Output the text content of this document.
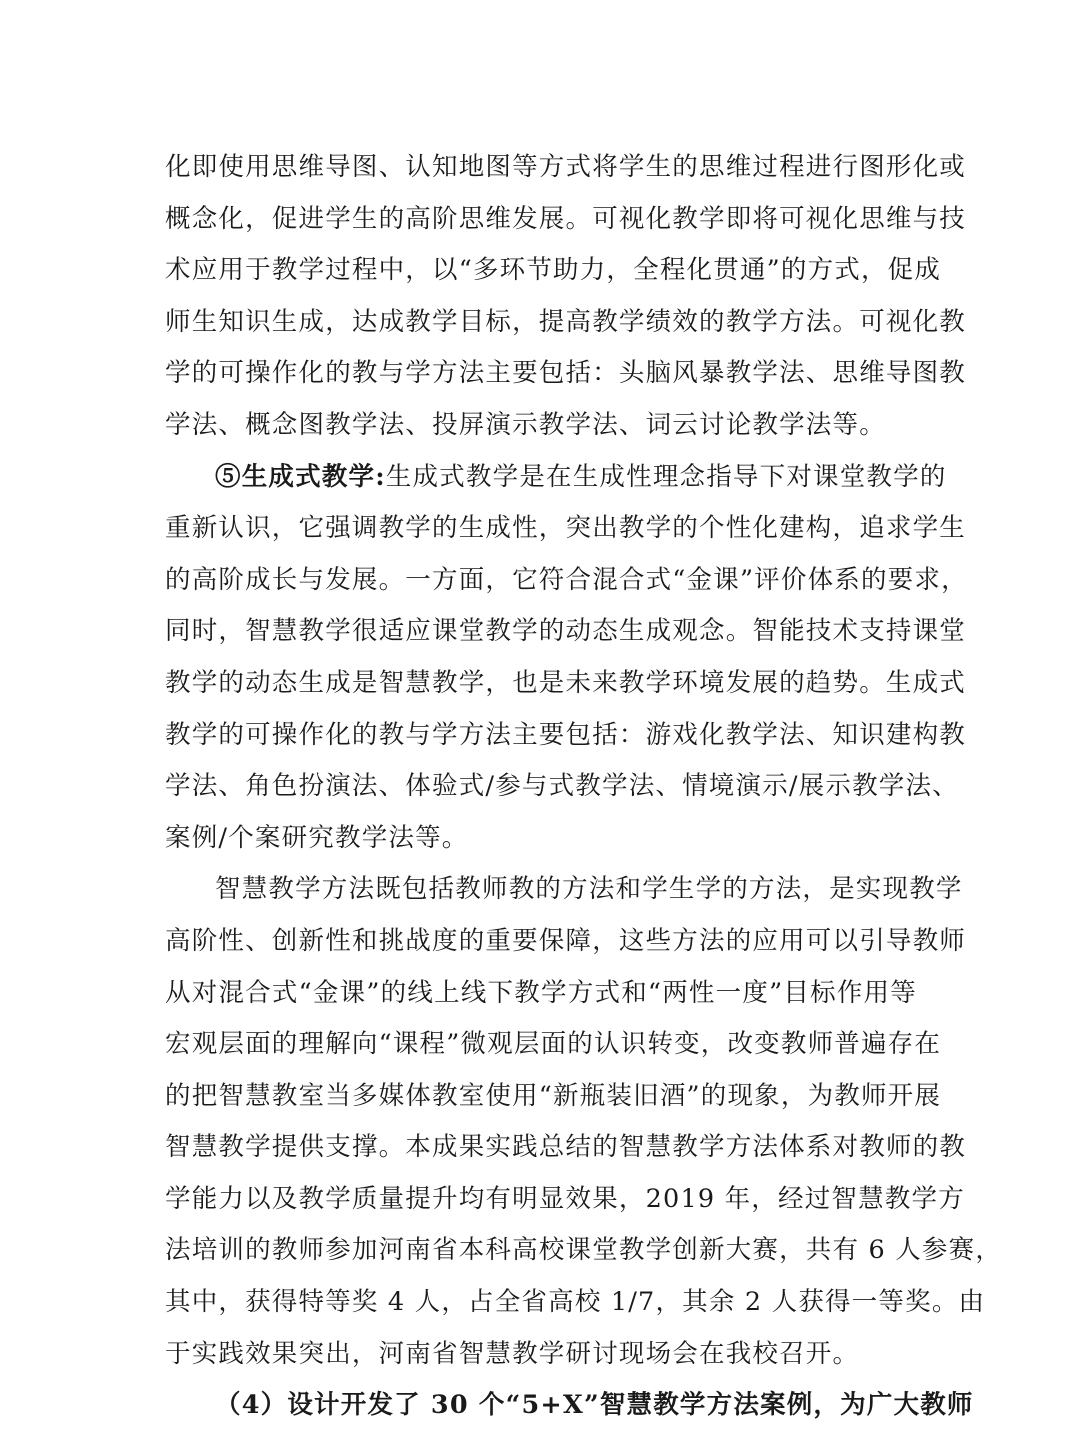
化即使用思维导图、认知地图等方式将学生的思维过程进行图形化或
概念化，促进学生的高阶思维发展。可视化教学即将可视化思维与技
术应用于教学过程中，以“多环节助力，全程化贯通”的方式，促成
师生知识生成，达成教学目标，提高教学绩效的教学方法。可视化教
学的可操作化的教与学方法主要包括：头脑风暴教学法、思维导图教
学法、概念图教学法、投屏演示教学法、词云讨论教学法等。
⑤生成式教学:生成式教学是在生成性理念指导下对课堂教学的
重新认识，它强调教学的生成性，突出教学的个性化建构，追求学生
的高阶成长与发展。一方面，它符合混合式“金课”评价体系的要求，
同时，智慧教学很适应课堂教学的动态生成观念。智能技术支持课堂
教学的动态生成是智慧教学，也是未来教学环境发展的趋势。生成式
教学的可操作化的教与学方法主要包括：游戏化教学法、知识建构教
学法、角色扮演法、体验式/参与式教学法、情境演示/展示教学法、
案例/个案研究教学法等。
智慧教学方法既包括教师教的方法和学生学的方法，是实现教学
高阶性、创新性和挑战度的重要保障，这些方法的应用可以引导教师
从对混合式“金课”的线上线下教学方式和“两性一度”目标作用等
宏观层面的理解向“课程”微观层面的认识转变，改变教师普遍存在
的把智慧教室当多媒体教室使用“新瓶装旧酒”的现象，为教师开展
智慧教学提供支撑。本成果实践总结的智慧教学方法体系对教师的教
学能力以及教学质量提升均有明显效果，2019 年，经过智慧教学方
法培训的教师参加河南省本科高校课堂教学创新大赛，共有 6 人参赛，
其中，获得特等奖 4 人，占全省高校 1/7，其余 2 人获得一等奖。由
于实践效果突出，河南省智慧教学研讨现场会在我校召开。
（4）设计开发了 30 个“5+X”智慧教学方法案例，为广大教师
